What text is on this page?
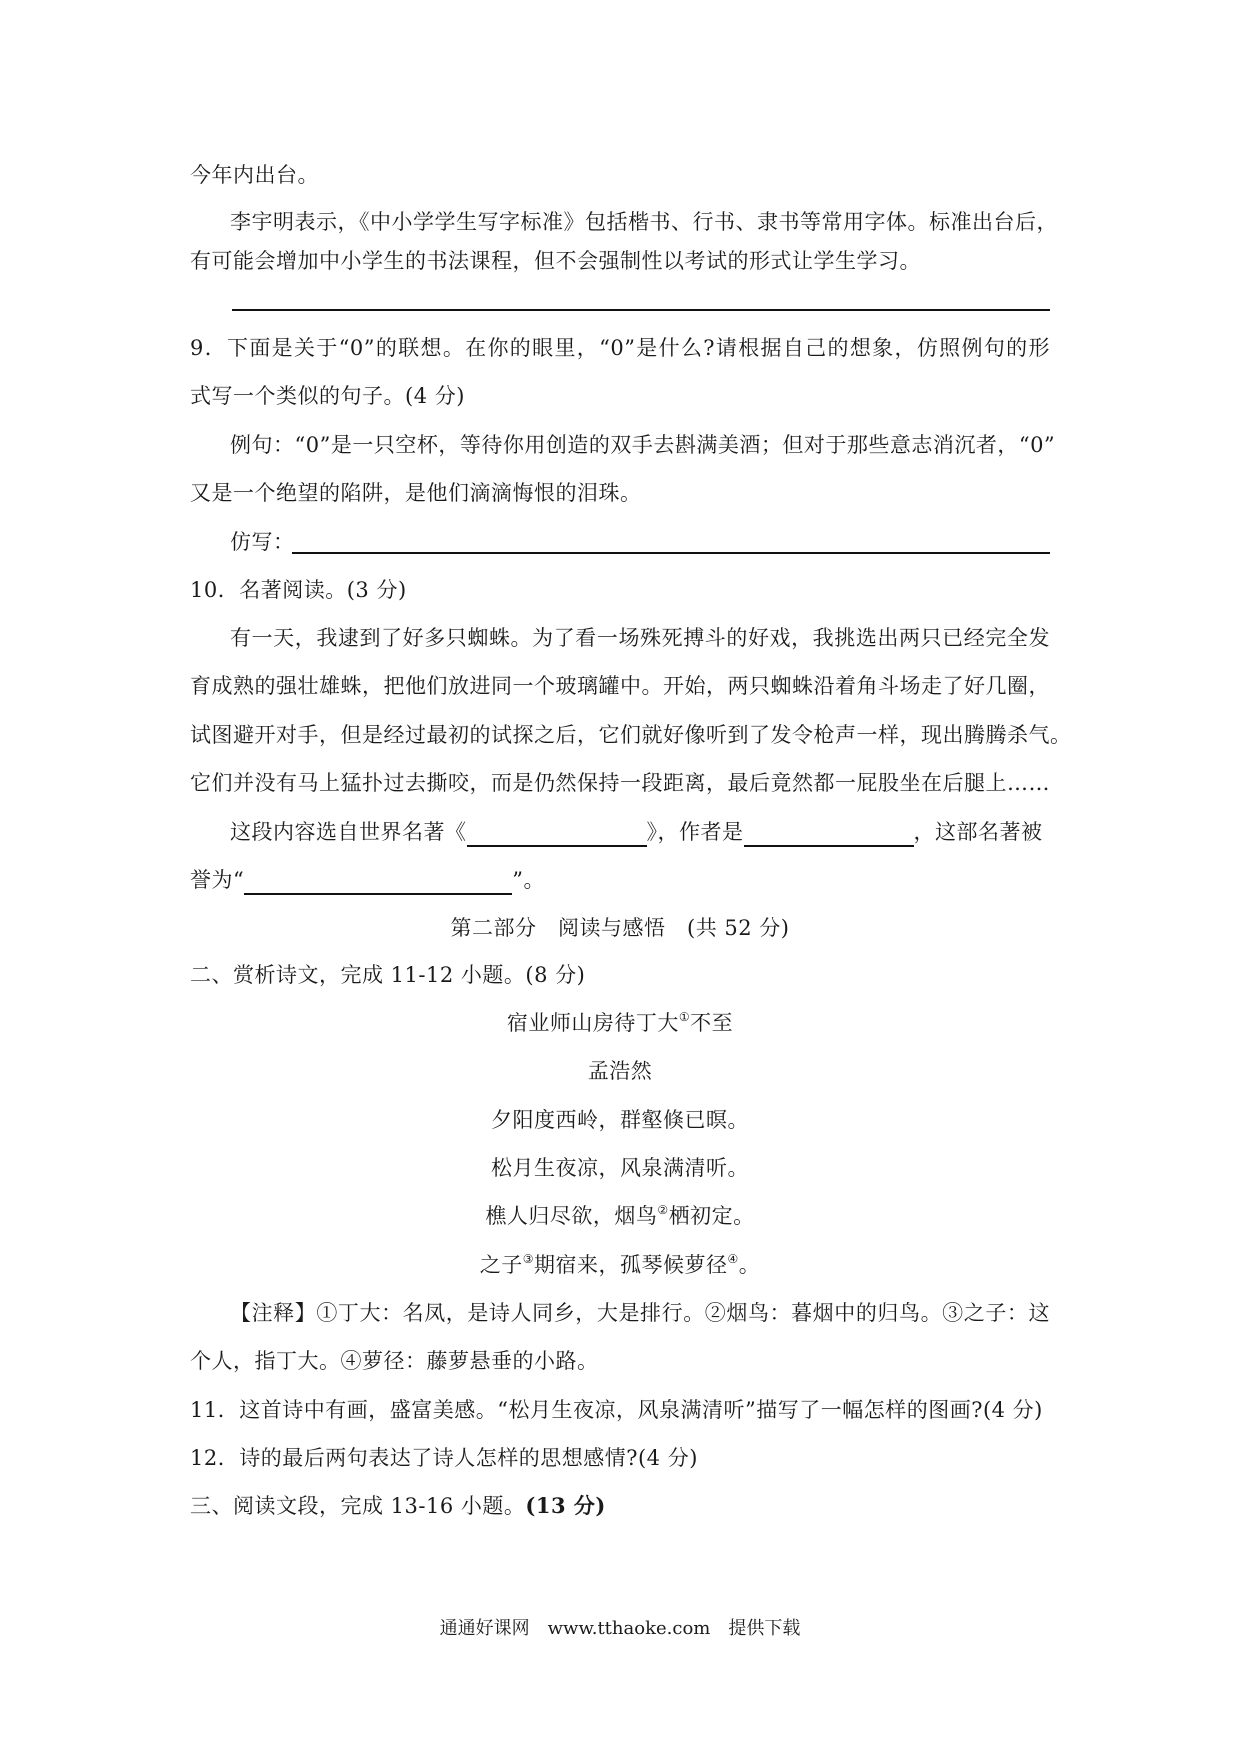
今年内出台。
李宇明表示，《中小学学生写字标准》包括楷书、行书、隶书等常用字体。标准出台后，
有可能会增加中小学生的书法课程，但不会强制性以考试的形式让学生学习。
9．下面是关于“0”的联想。在你的眼里，“0”是什么?请根据自己的想象，仿照例句的形
式写一个类似的句子。(4 分)
例句：“0”是一只空杯，等待你用创造的双手去斟满美酒；但对于那些意志消沉者，“0”
又是一个绝望的陷阱，是他们滴滴悔恨的泪珠。
仿写：
10．名著阅读。(3 分)
有一天，我逮到了好多只蜘蛛。为了看一场殊死搏斗的好戏，我挑选出两只已经完全发
育成熟的强壮雄蛛，把他们放进同一个玻璃罐中。开始，两只蜘蛛沿着角斗场走了好几圈，
试图避开对手，但是经过最初的试探之后，它们就好像听到了发令枪声一样，现出腾腾杀气。
它们并没有马上猛扑过去撕咬，而是仍然保持一段距离，最后竟然都一屁股坐在后腿上……
这段内容选自世界名著《	》，作者是	，这部名著被
誉为“	”。
第二部分　阅读与感悟　(共 52 分)
二、赏析诗文，完成 11-12 小题。(8 分)
宿业师山房待丁大①不至
孟浩然
夕阳度西岭，群壑倏已暝。
松月生夜凉，风泉满清听。
樵人归尽欲，烟鸟②栖初定。
之子③期宿来，孤琴候萝径④。
【注释】①丁大：名凤，是诗人同乡，大是排行。②烟鸟：暮烟中的归鸟。③之子：这
个人，指丁大。④萝径：藤萝悬垂的小路。
11．这首诗中有画，盛富美感。“松月生夜凉，风泉满清听”描写了一幅怎样的图画?(4 分)
12．诗的最后两句表达了诗人怎样的思想感情?(4 分)
三、阅读文段，完成 13-16 小题。(13 分)
通通好课网　www.tthaoke.com　提供下载
